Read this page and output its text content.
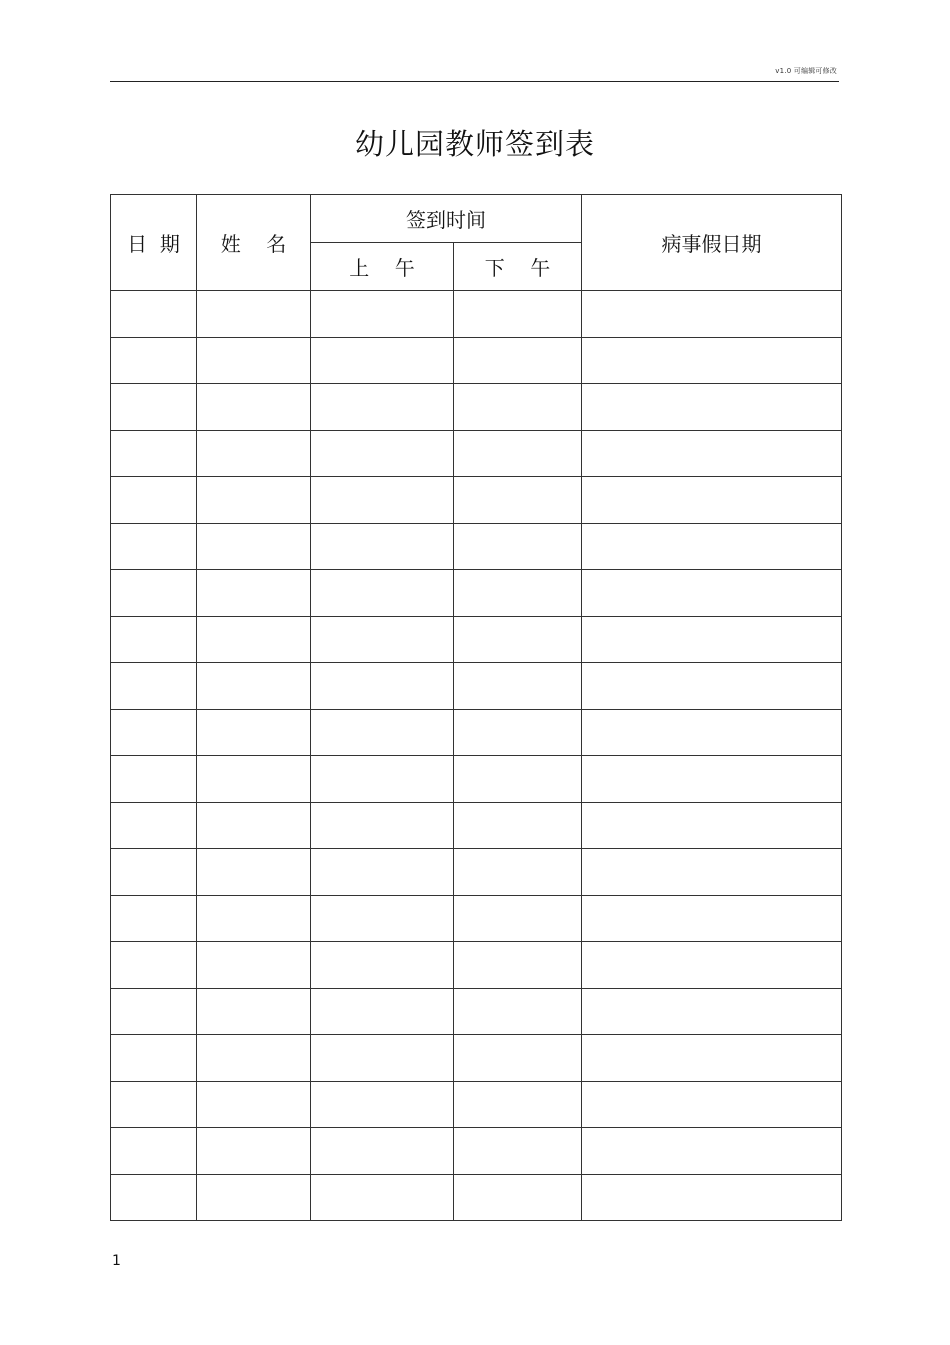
v1.0 可编辑可修改
幼儿园教师签到表
日  期	姓    名	签到时间		病事假日期
		上    午	下    午	

1
